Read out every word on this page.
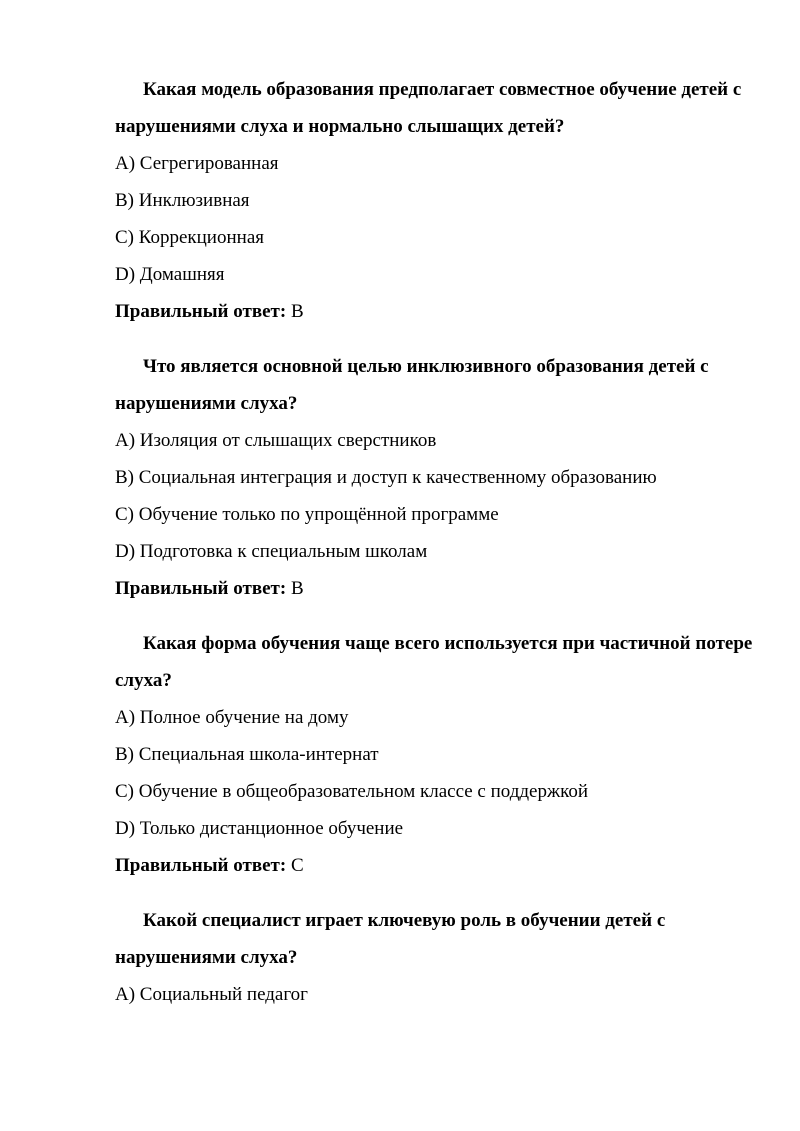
Какая модель образования предполагает совместное обучение детей с нарушениями слуха и нормально слышащих детей?

A) Сегрегированная

B) Инклюзивная

C) Коррекционная

D) Домашняя

Правильный ответ: B

Что является основной целью инклюзивного образования детей с нарушениями слуха?

A) Изоляция от слышащих сверстников

B) Социальная интеграция и доступ к качественному образованию

C) Обучение только по упрощённой программе

D) Подготовка к специальным школам

Правильный ответ: B

Какая форма обучения чаще всего используется при частичной потере слуха?

A) Полное обучение на дому

B) Специальная школа-интернат

C) Обучение в общеобразовательном классе с поддержкой

D) Только дистанционное обучение

Правильный ответ: C

Какой специалист играет ключевую роль в обучении детей с нарушениями слуха?

A) Социальный педагог
